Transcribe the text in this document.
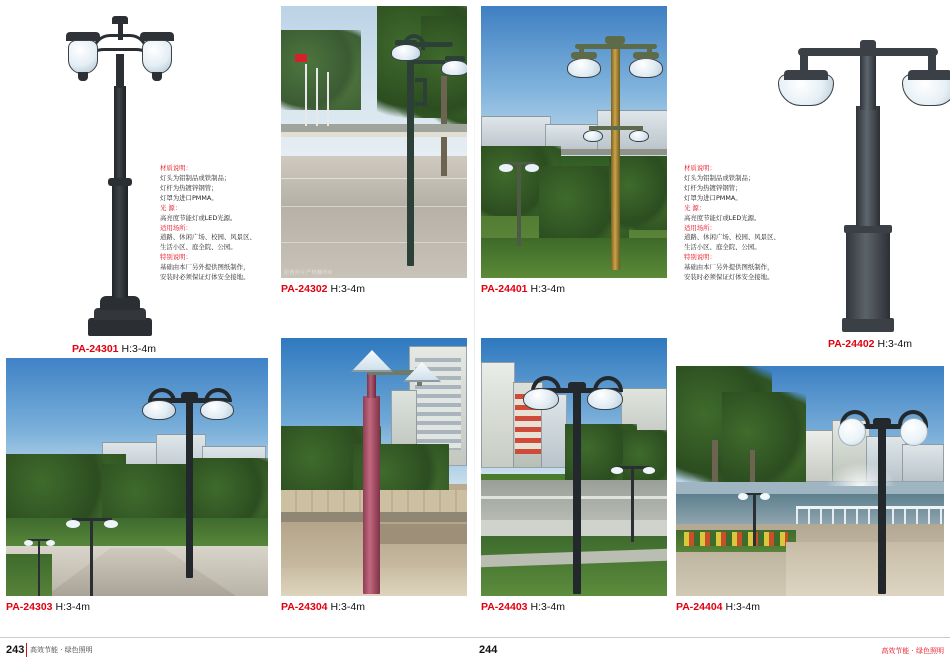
PA-24301 H:3-4m

材质说明：

灯头为铝制品或铁制品；

灯杆为热镀锌钢管；

灯罩为进口PMMA。

光 源：

高亮度节能灯或LED光源。

适用场所：

道路、休闲广场、校园、风景区、

生活小区、庭全院、公园。

特别说明：

基础由本厂另外提供图纸制作，

安装时必须保证灯体安全接地。

原创照片严禁翻印©
PA-24302 H:3-4m	PA-24401 H:3-4m
PA-24402 H:3-4m

材质说明：

灯头为铝制品或铁制品；

灯杆为热镀锌钢管；

灯罩为进口PMMA。

光 源：

高亮度节能灯或LED光源。

适用场所：

道路、休闲广场、校园、风景区、

生活小区、庭全院、公园。

特别说明：

基础由本厂另外提供图纸制作，

安装时必须保证灯体安全接地。

PA-24303 H:3-4m	PA-24304 H:3-4m	PA-24403 H:3-4m	PA-24404 H:3-4m
243 高效节能 · 绿色照明	244	高效节能 · 绿色照明
